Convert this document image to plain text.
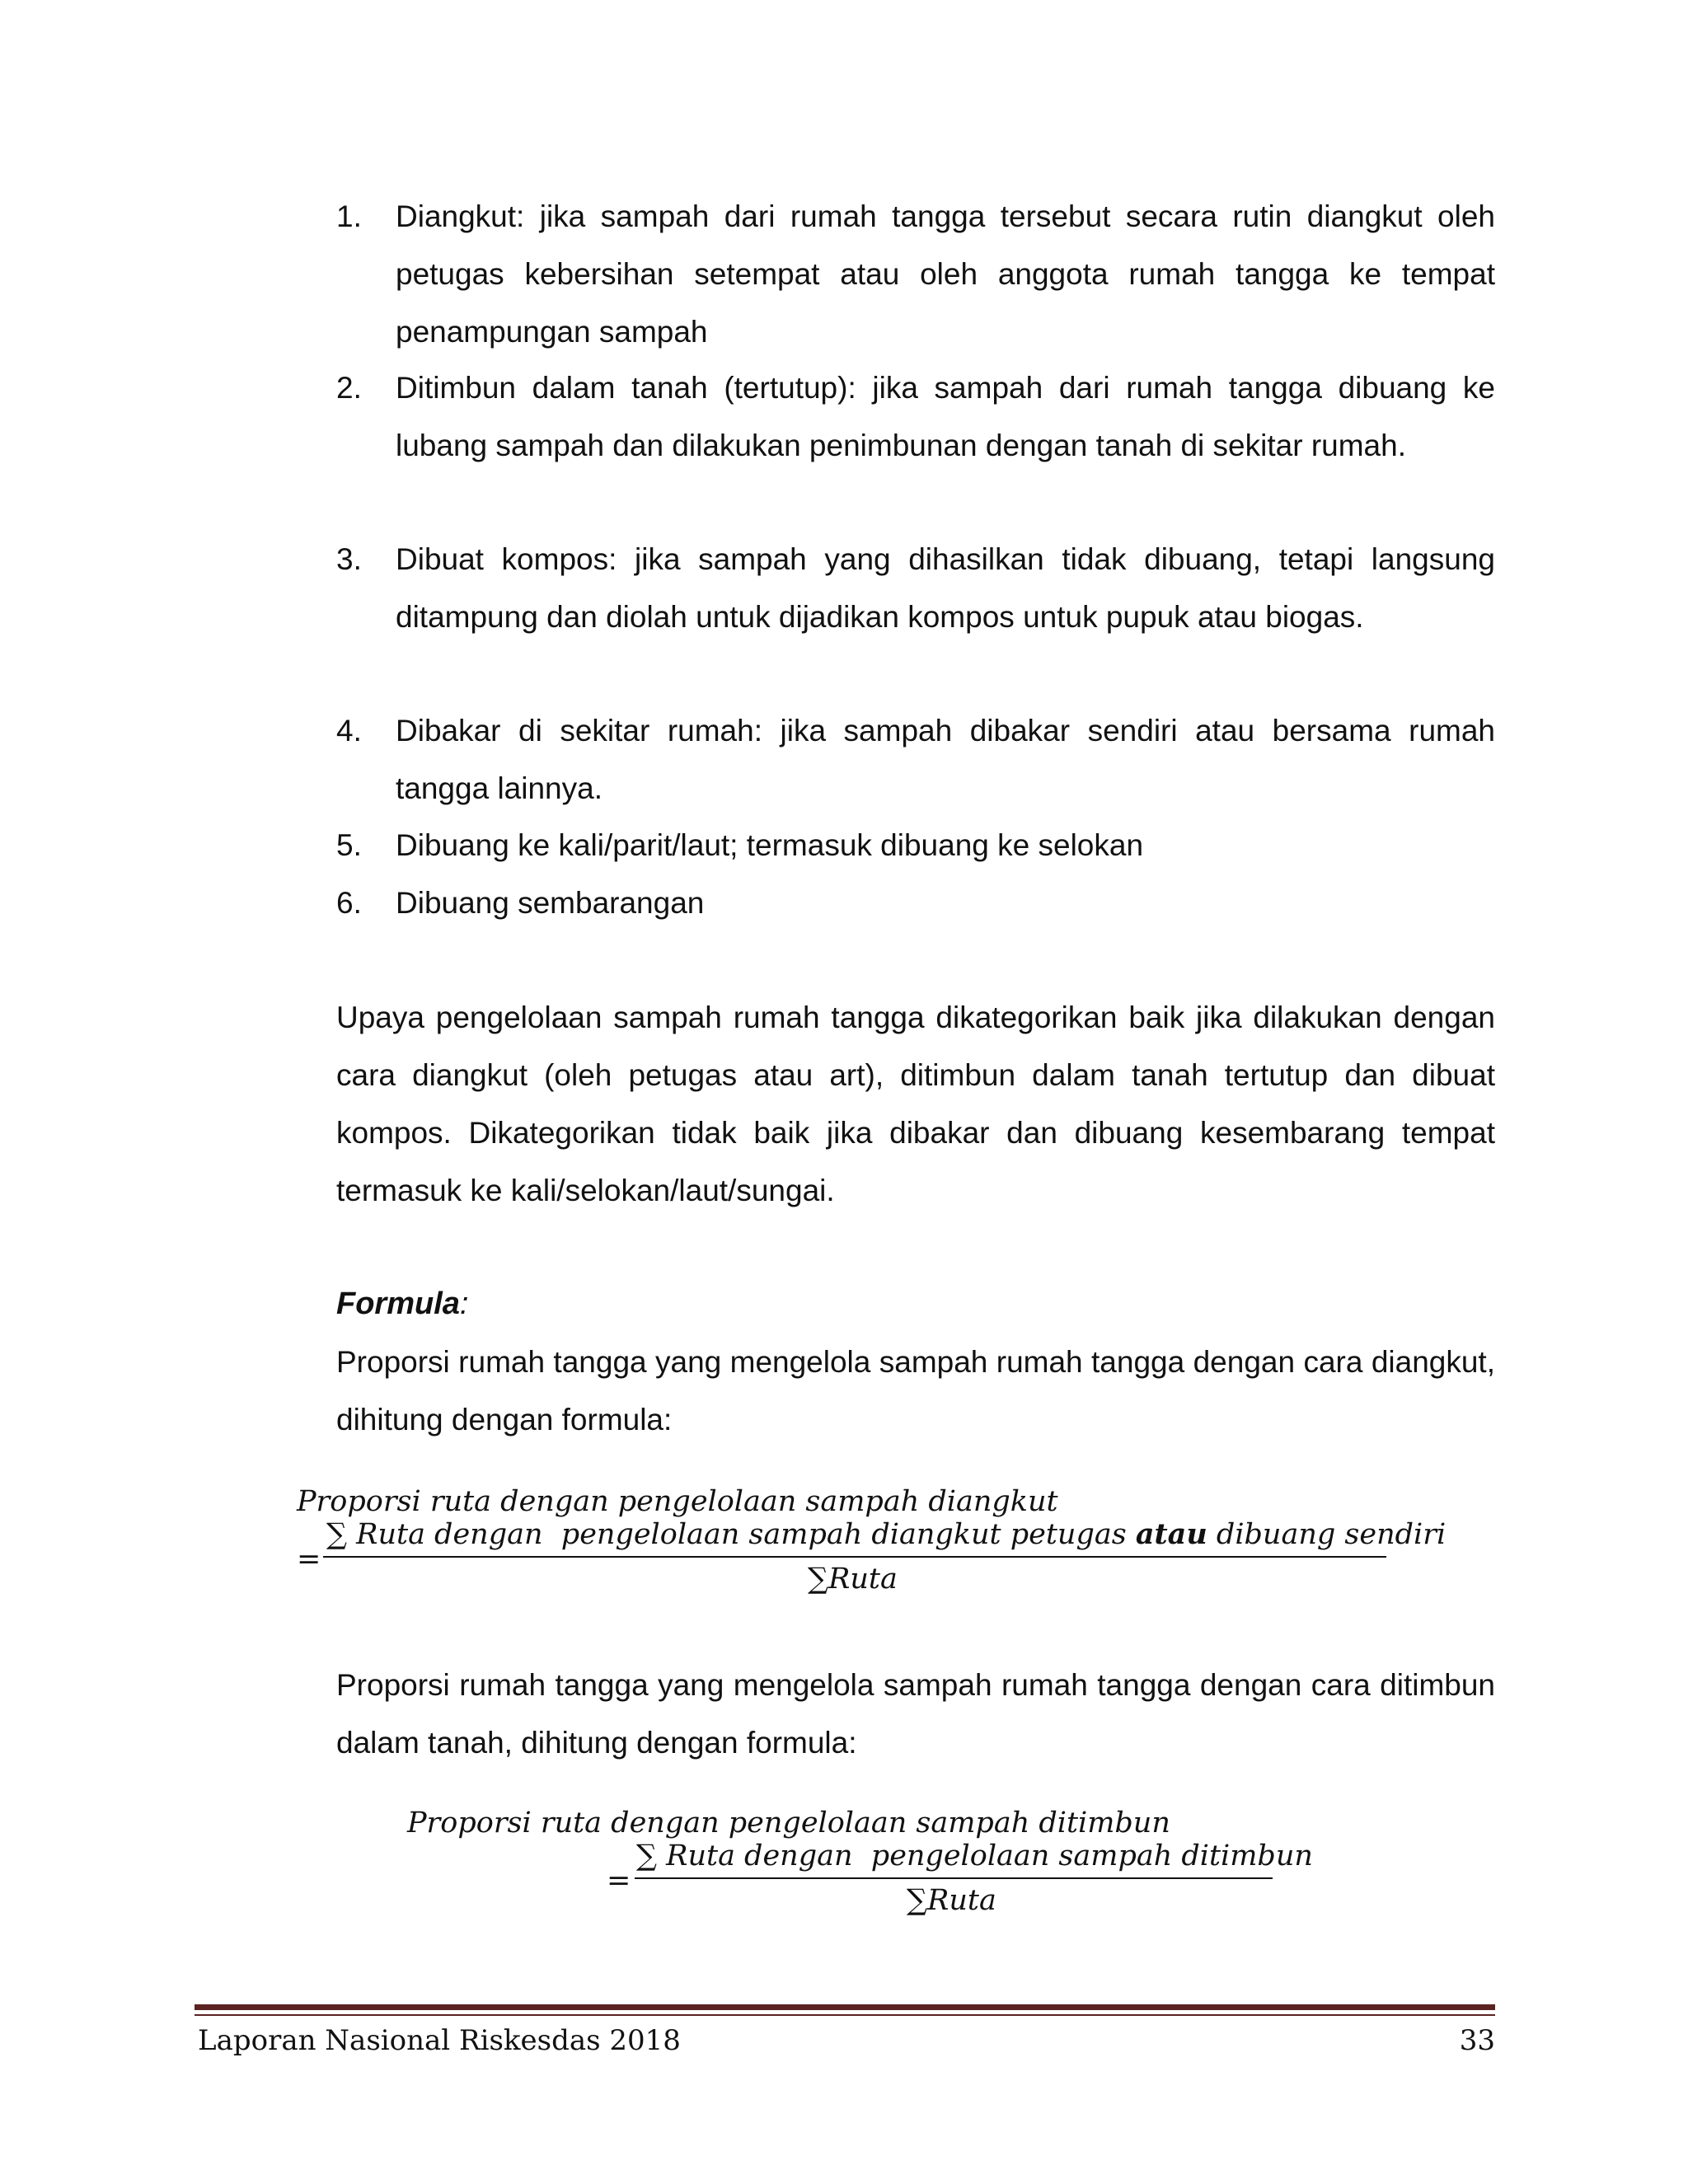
1. Diangkut: jika sampah dari rumah tangga tersebut secara rutin diangkut oleh petugas kebersihan setempat atau oleh anggota rumah tangga ke tempat penampungan sampah
2. Ditimbun dalam tanah (tertutup): jika sampah dari rumah tangga dibuang ke lubang sampah dan dilakukan penimbunan dengan tanah di sekitar rumah.
3. Dibuat kompos: jika sampah yang dihasilkan tidak dibuang, tetapi langsung ditampung dan diolah untuk dijadikan kompos untuk pupuk atau biogas.
4. Dibakar di sekitar rumah: jika sampah dibakar sendiri atau bersama rumah tangga lainnya.
5. Dibuang ke kali/parit/laut; termasuk dibuang ke selokan
6. Dibuang sembarangan
Upaya pengelolaan sampah rumah tangga dikategorikan baik jika dilakukan dengan cara diangkut (oleh petugas atau art), ditimbun dalam tanah tertutup dan dibuat kompos. Dikategorikan tidak baik jika dibakar dan dibuang kesembarang tempat termasuk ke kali/selokan/laut/sungai.
Formula:
Proporsi rumah tangga yang mengelola sampah rumah tangga dengan cara diangkut, dihitung dengan formula:
Proporsi ruta dengan pengelolaan sampah diangkut
=
∑ Ruta dengan  pengelolaan sampah diangkut petugas atau dibuang sendiri
∑Ruta
Proporsi rumah tangga yang mengelola sampah rumah tangga dengan cara ditimbun dalam tanah, dihitung dengan formula:
Proporsi ruta dengan pengelolaan sampah ditimbun
=
∑ Ruta dengan  pengelolaan sampah ditimbun
∑Ruta
Laporan Nasional Riskesdas 2018	33
